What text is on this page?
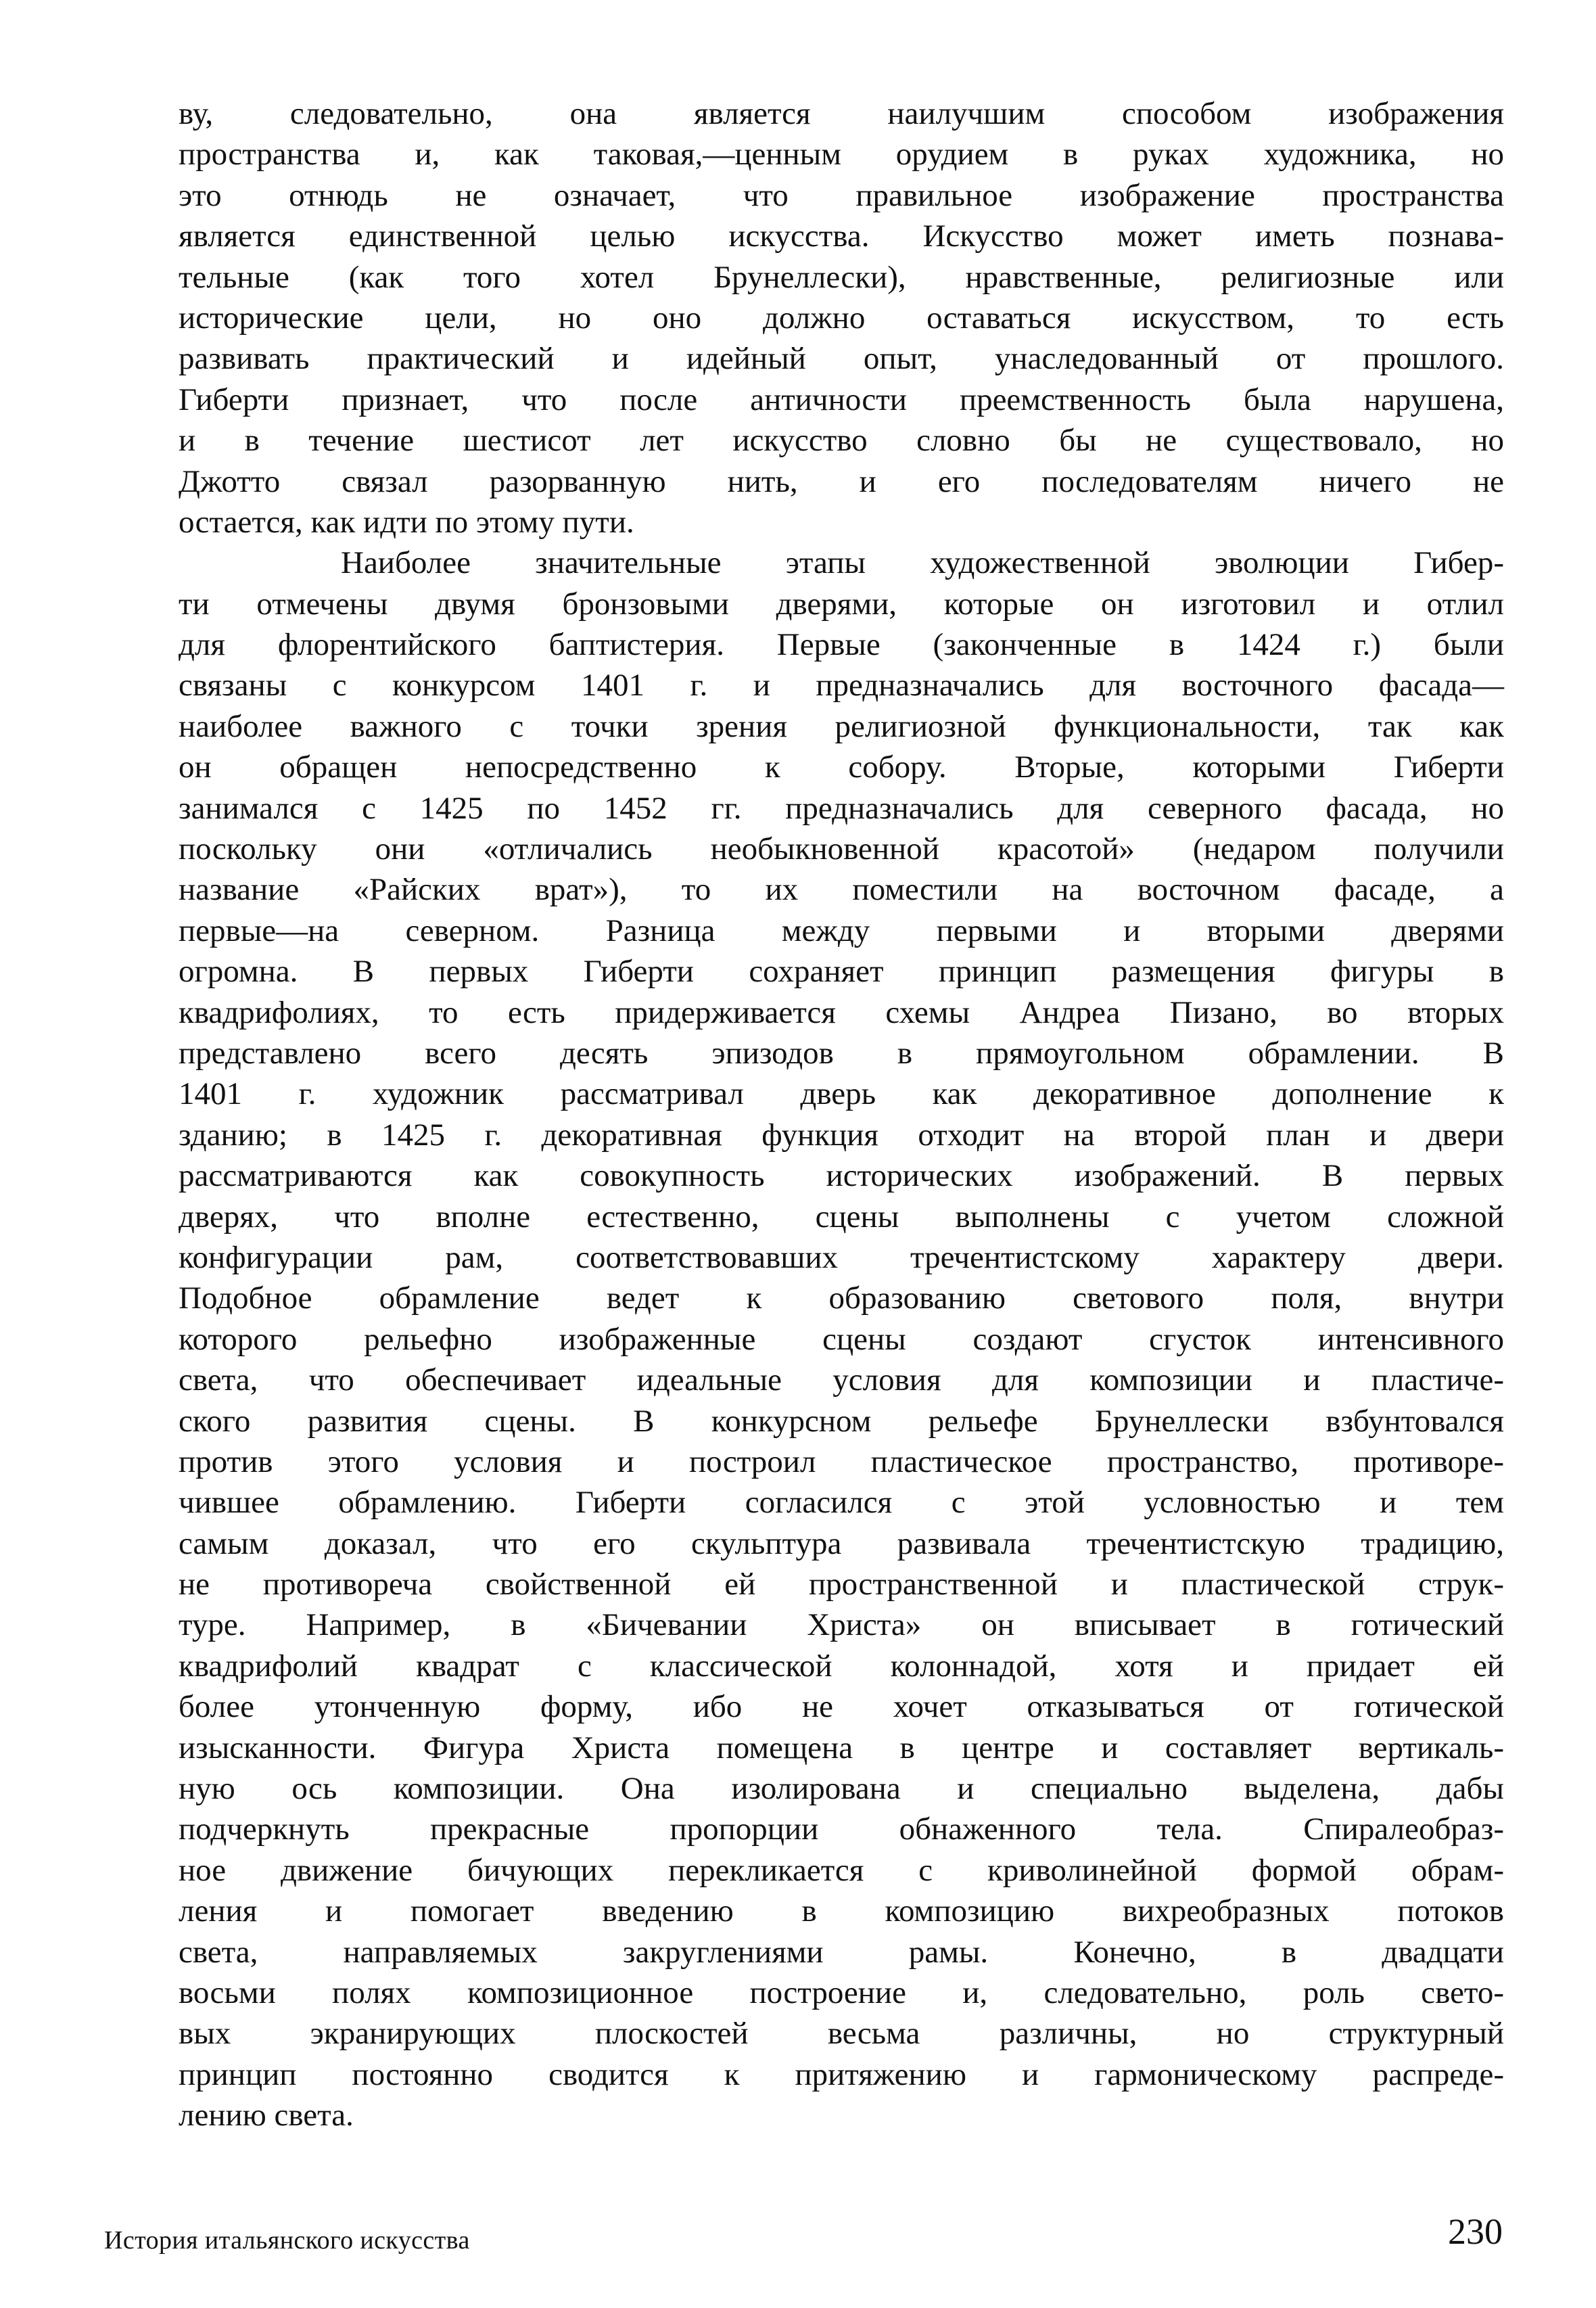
ву, следовательно, она является наилучшим способом изображения
пространства и, как таковая,—ценным орудием в руках художника, но
это отнюдь не означает, что правильное изображение пространства
является единственной целью искусства. Искусство может иметь познава-
тельные (как того хотел Брунеллески), нравственные, религиозные или
исторические цели, но оно должно оставаться искусством, то есть
развивать практический и идейный опыт, унаследованный от прошлого.
Гиберти признает, что после античности преемственность была нарушена,
и в течение шестисот лет искусство словно бы не существовало, но
Джотто связал разорванную нить, и его последователям ничего не
остается, как идти по этому пути.
Наиболее значительные этапы художественной эволюции Гибер-
ти отмечены двумя бронзовыми дверями, которые он изготовил и отлил
для флорентийского баптистерия. Первые (законченные в 1424 г.) были
связаны с конкурсом 1401 г. и предназначались для восточного фасада—
наиболее важного с точки зрения религиозной функциональности, так как
он обращен непосредственно к собору. Вторые, которыми Гиберти
занимался с 1425 по 1452 гг. предназначались для северного фасада, но
поскольку они «отличались необыкновенной красотой» (недаром получили
название «Райских врат»), то их поместили на восточном фасаде, а
первые—на северном. Разница между первыми и вторыми дверями
огромна. В первых Гиберти сохраняет принцип размещения фигуры в
квадрифолиях, то есть придерживается схемы Андреа Пизано, во вторых
представлено всего десять эпизодов в прямоугольном обрамлении. В
1401 г. художник рассматривал дверь как декоративное дополнение к
зданию; в 1425 г. декоративная функция отходит на второй план и двери
рассматриваются как совокупность исторических изображений. В первых
дверях, что вполне естественно, сцены выполнены с учетом сложной
конфигурации рам, соответствовавших тречентистскому характеру двери.
Подобное обрамление ведет к образованию светового поля, внутри
которого рельефно изображенные сцены создают сгусток интенсивного
света, что обеспечивает идеальные условия для композиции и пластиче-
ского развития сцены. В конкурсном рельефе Брунеллески взбунтовался
против этого условия и построил пластическое пространство, противоре-
чившее обрамлению. Гиберти согласился с этой условностью и тем
самым доказал, что его скульптура развивала тречентистскую традицию,
не противореча свойственной ей пространственной и пластической струк-
туре. Например, в «Бичевании Христа» он вписывает в готический
квадрифолий квадрат с классической колоннадой, хотя и придает ей
более утонченную форму, ибо не хочет отказываться от готической
изысканности. Фигура Христа помещена в центре и составляет вертикаль-
ную ось композиции. Она изолирована и специально выделена, дабы
подчеркнуть прекрасные пропорции обнаженного тела. Спиралеобраз-
ное движение бичующих перекликается с криволинейной формой обрам-
ления и помогает введению в композицию вихреобразных потоков
света, направляемых закруглениями рамы. Конечно, в двадцати
восьми полях композиционное построение и, следовательно, роль свето-
вых экранирующих плоскостей весьма различны, но структурный
принцип постоянно сводится к притяжению и гармоническому распреде-
лению света.
История итальянского искусства	230
